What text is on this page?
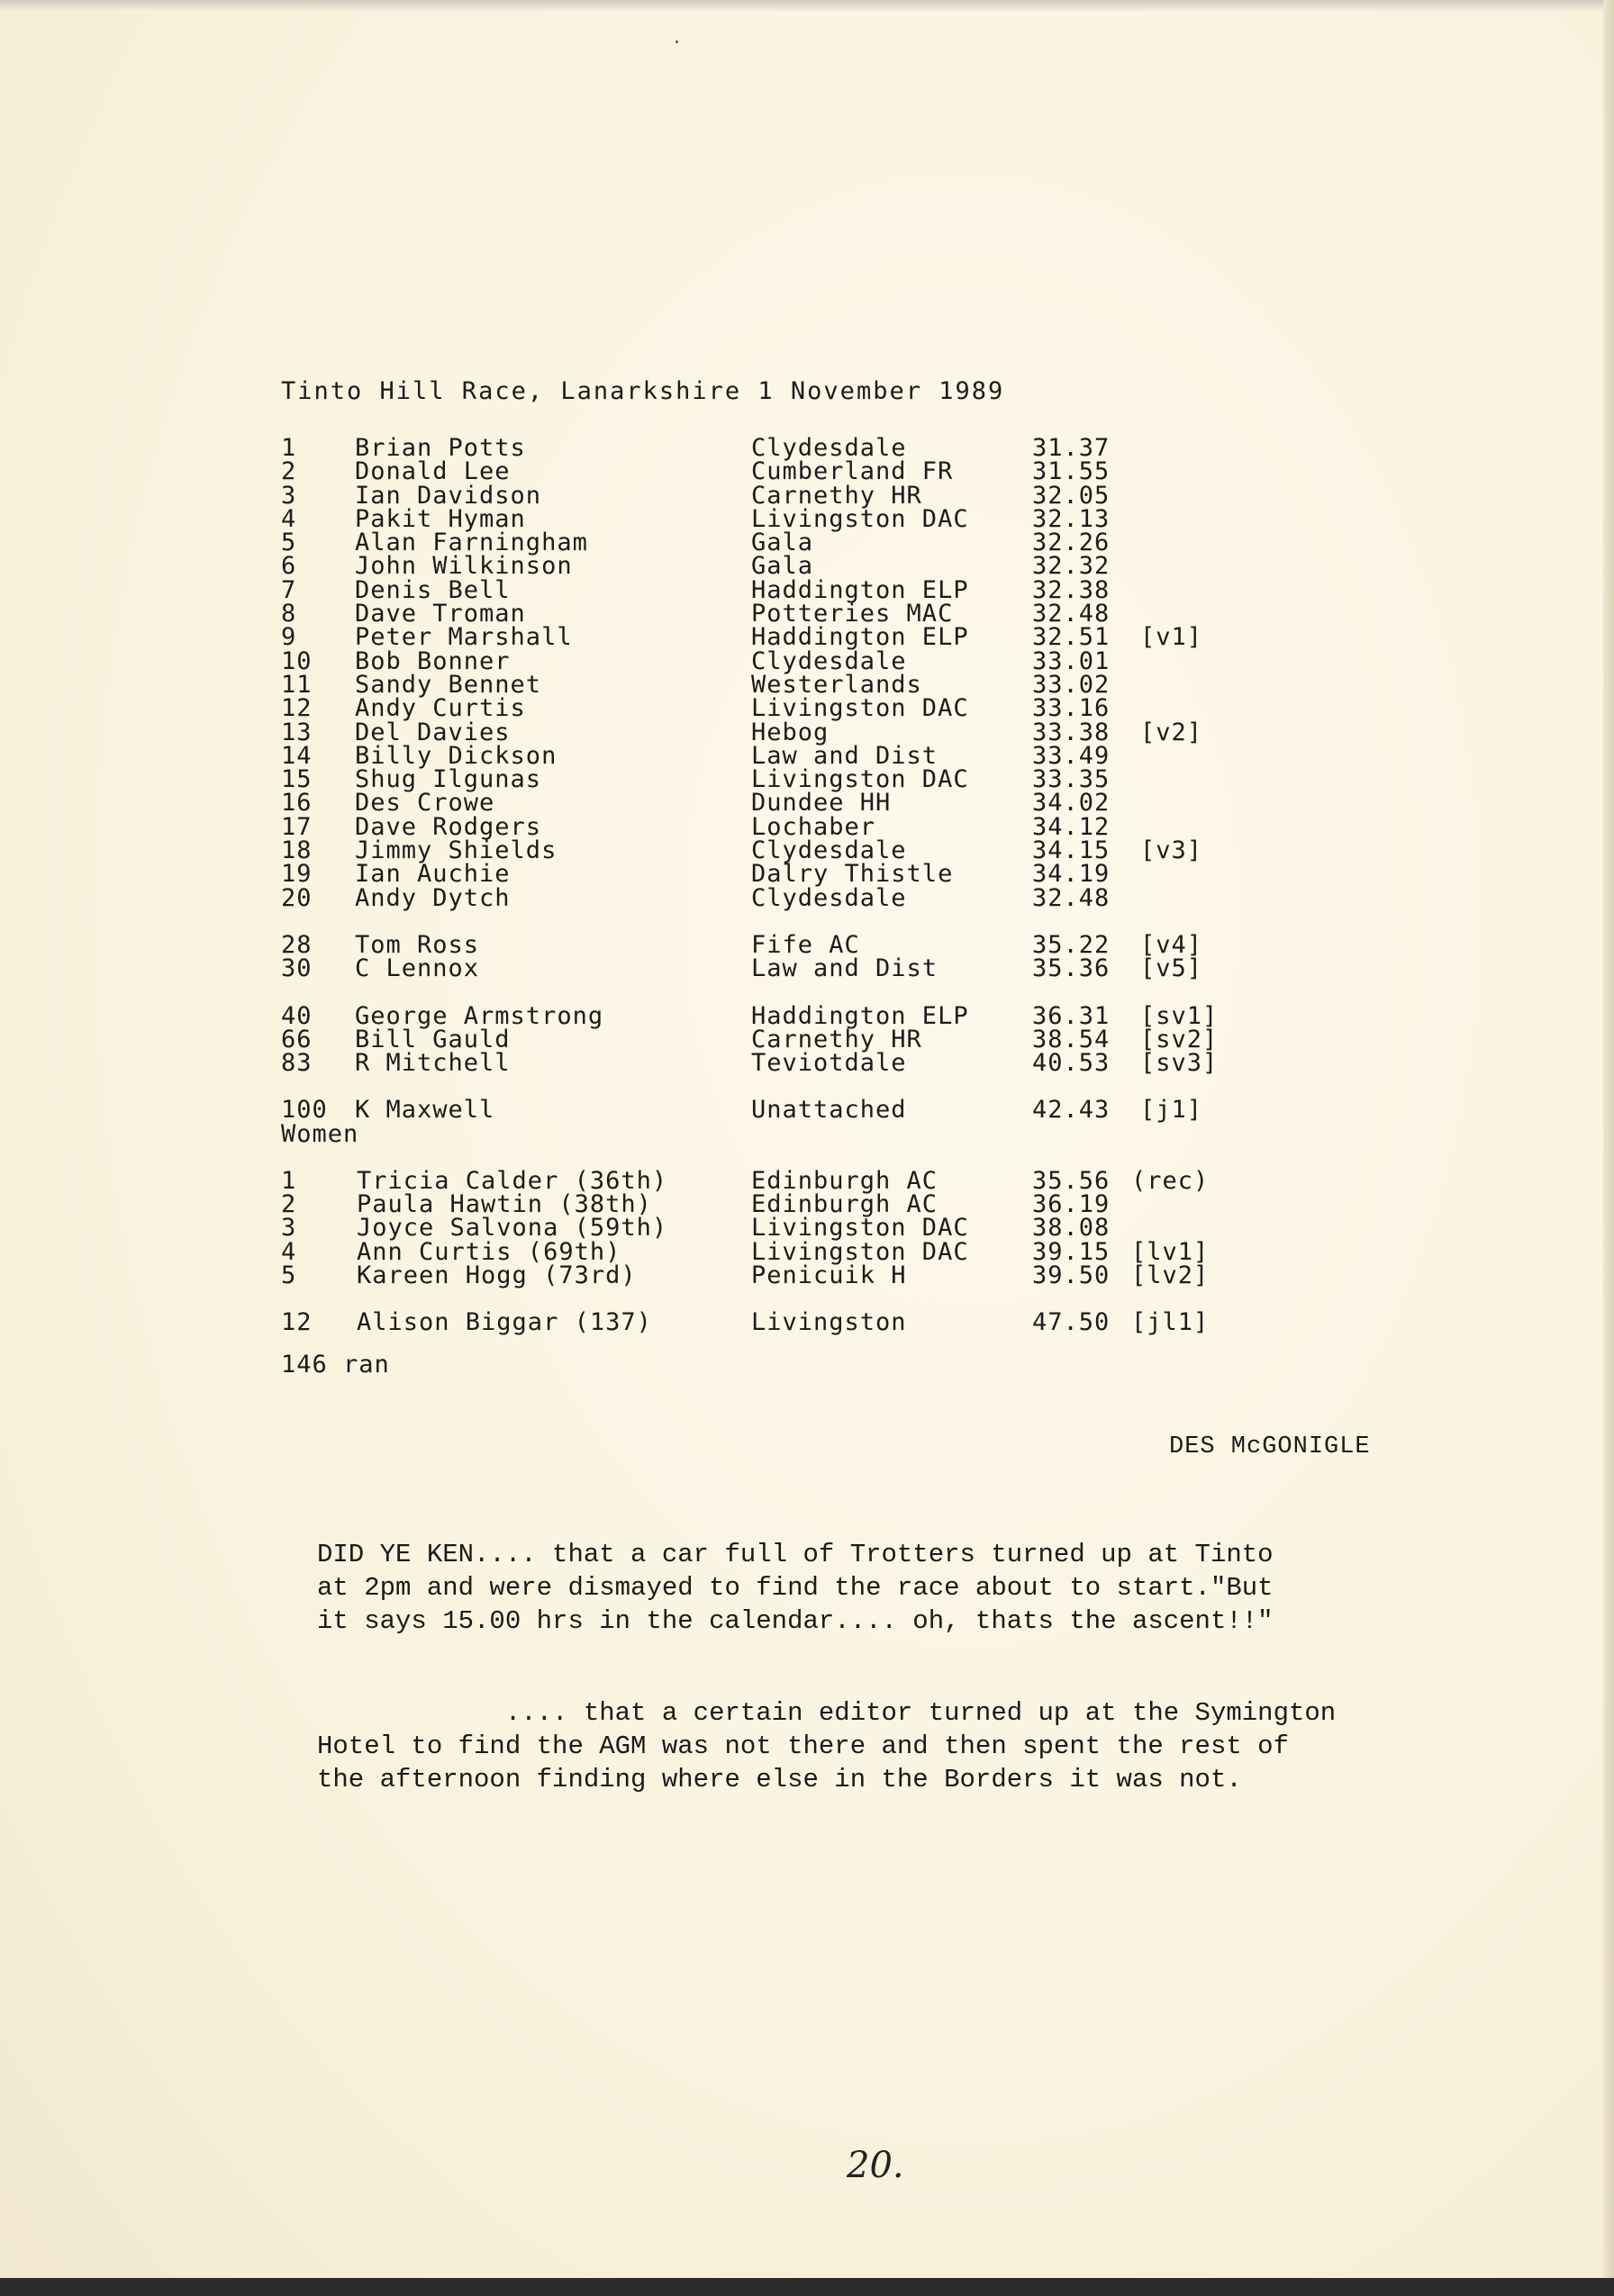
Tinto Hill Race, Lanarkshire 1 November 1989
1	Brian Potts	Clydesdale	31.37
2	Donald Lee	Cumberland FR	31.55
3	Ian Davidson	Carnethy HR	32.05
4	Pakit Hyman	Livingston DAC	32.13
5	Alan Farningham	Gala	32.26
6	John Wilkinson	Gala	32.32
7	Denis Bell	Haddington ELP	32.38
8	Dave Troman	Potteries MAC	32.48
9	Peter Marshall	Haddington ELP	32.51	[v1]
10	Bob Bonner	Clydesdale	33.01
11	Sandy Bennet	Westerlands	33.02
12	Andy Curtis	Livingston DAC	33.16
13	Del Davies	Hebog	33.38	[v2]
14	Billy Dickson	Law and Dist	33.49
15	Shug Ilgunas	Livingston DAC	33.35
16	Des Crowe	Dundee HH	34.02
17	Dave Rodgers	Lochaber	34.12
18	Jimmy Shields	Clydesdale	34.15	[v3]
19	Ian Auchie	Dalry Thistle	34.19
20	Andy Dytch	Clydesdale	32.48
28	Tom Ross	Fife AC	35.22	[v4]
30	C Lennox	Law and Dist	35.36	[v5]
40	George Armstrong	Haddington ELP	36.31	[sv1]
66	Bill Gauld	Carnethy HR	38.54	[sv2]
83	R Mitchell	Teviotdale	40.53	[sv3]
100	K Maxwell	Unattached	42.43	[j1]
Women
1	Tricia Calder (36th)	Edinburgh AC	35.56 (rec)
2	Paula Hawtin (38th)	Edinburgh AC	36.19
3	Joyce Salvona (59th)	Livingston DAC	38.08
4	Ann Curtis (69th)	Livingston DAC	39.15 [lv1]
5	Kareen Hogg (73rd)	Penicuik H	39.50 [lv2]
12	Alison Biggar (137)	Livingston	47.50 [jl1]
146 ran
DES McGONIGLE
DID YE KEN.... that a car full of Trotters turned up at Tinto
at 2pm and were dismayed to find the race about to start."But
it says 15.00 hrs in the calendar.... oh, thats the ascent!!"
.... that a certain editor turned up at the Symington
Hotel to find the AGM was not there and then spent the rest of
the afternoon finding where else in the Borders it was not.
20.
